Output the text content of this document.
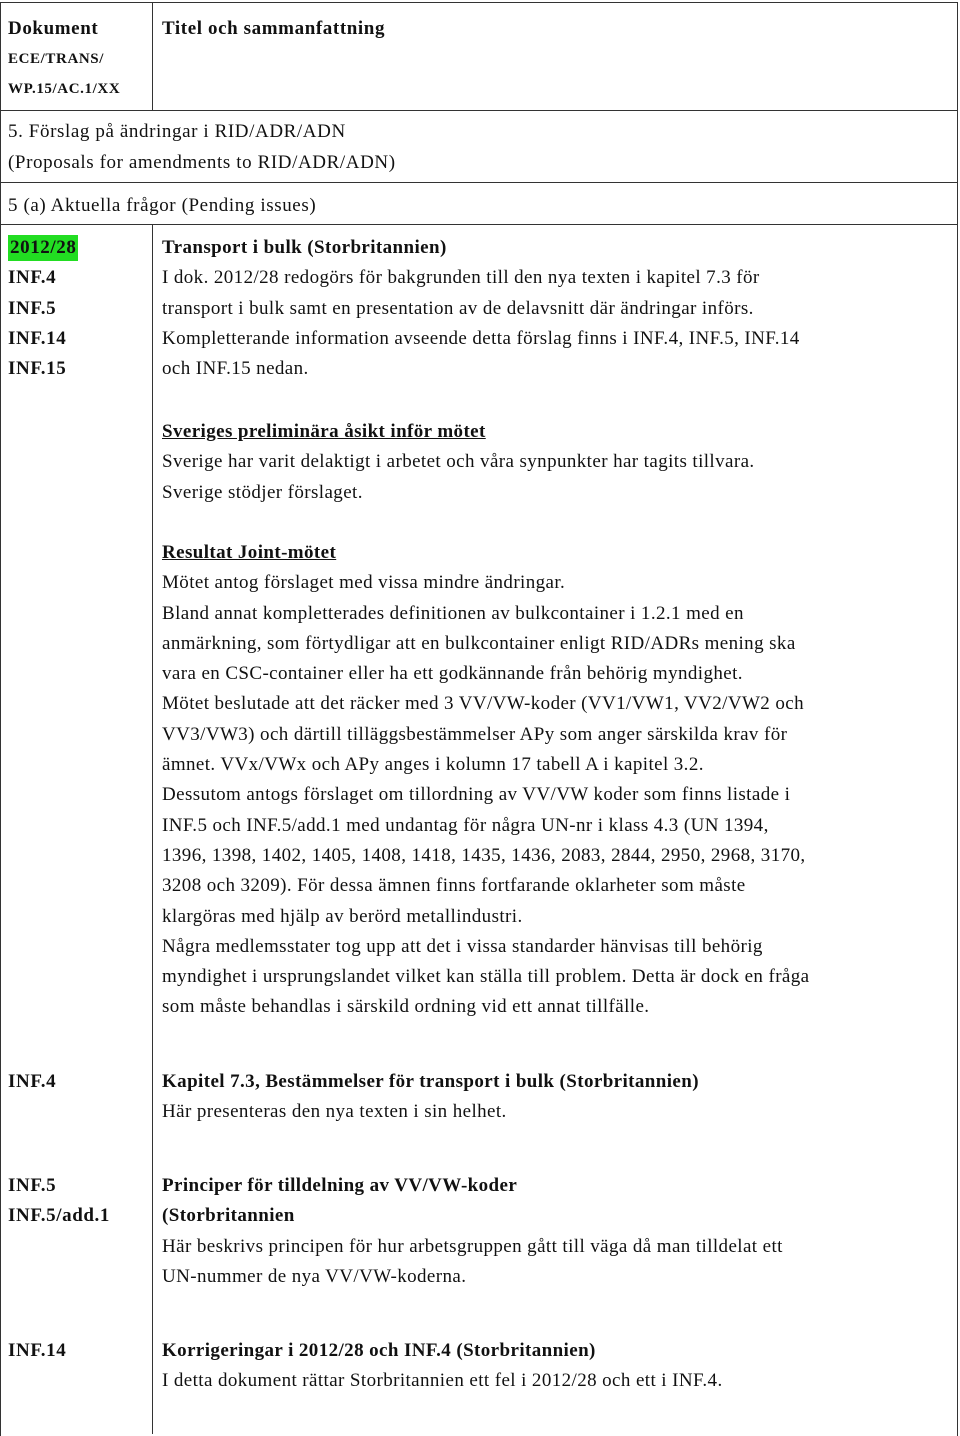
Dokument
ECE/TRANS/
WP.15/AC.1/XX
Titel och sammanfattning
5. Förslag på ändringar i RID/ADR/ADN
(Proposals for amendments to RID/ADR/ADN)
5 (a) Aktuella frågor (Pending issues)
2012/28
INF.4
INF.5
INF.14
INF.15
Transport i bulk (Storbritannien)
I dok. 2012/28 redogörs för bakgrunden till den nya texten i kapitel 7.3 för
transport i bulk samt en presentation av de delavsnitt där ändringar införs.
Kompletterande information avseende detta förslag finns i INF.4, INF.5, INF.14
och INF.15 nedan.
Sveriges preliminära åsikt inför mötet
Sverige har varit delaktigt i arbetet och våra synpunkter har tagits tillvara.
Sverige stödjer förslaget.
Resultat Joint-mötet
Mötet antog förslaget med vissa mindre ändringar.
Bland annat kompletterades definitionen av bulkcontainer i 1.2.1 med en
anmärkning, som förtydligar att en bulkcontainer enligt RID/ADRs mening ska
vara en CSC-container eller ha ett godkännande från behörig myndighet.
Mötet beslutade att det räcker med 3 VV/VW-koder (VV1/VW1, VV2/VW2 och
VV3/VW3) och därtill tilläggsbestämmelser APy som anger särskilda krav för
ämnet. VVx/VWx och APy anges i kolumn 17 tabell A i kapitel 3.2.
Dessutom antogs förslaget om tillordning av VV/VW koder som finns listade i
INF.5 och INF.5/add.1 med undantag för några UN-nr i klass 4.3 (UN 1394,
1396, 1398, 1402, 1405, 1408, 1418, 1435, 1436, 2083, 2844, 2950, 2968, 3170,
3208 och 3209). För dessa ämnen finns fortfarande oklarheter som måste
klargöras med hjälp av berörd metallindustri.
Några medlemsstater tog upp att det i vissa standarder hänvisas till behörig
myndighet i ursprungslandet vilket kan ställa till problem. Detta är dock en fråga
som måste behandlas i särskild ordning vid ett annat tillfälle.
INF.4	Kapitel 7.3, Bestämmelser för transport i bulk (Storbritannien)
Här presenteras den nya texten i sin helhet.
INF.5
INF.5/add.1
Principer för tilldelning av VV/VW-koder
(Storbritannien
Här beskrivs principen för hur arbetsgruppen gått till väga då man tilldelat ett
UN-nummer de nya VV/VW-koderna.
INF.14	Korrigeringar i 2012/28 och INF.4 (Storbritannien)
I detta dokument rättar Storbritannien ett fel i 2012/28 och ett i INF.4.
